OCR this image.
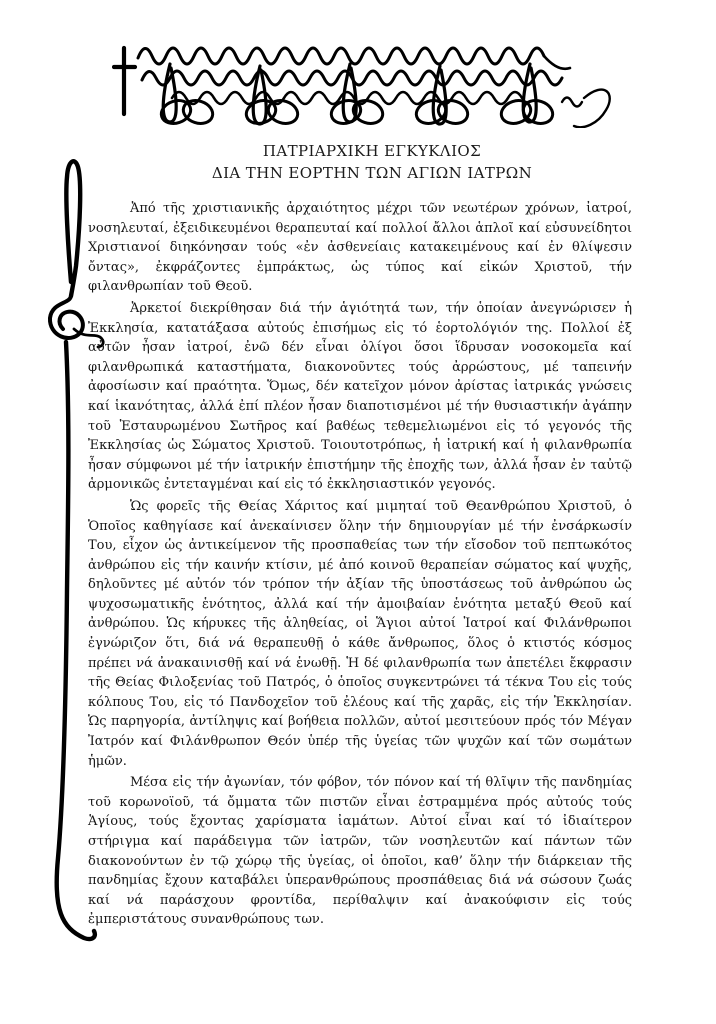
ΠΑΤΡΙΑΡΧΙΚΗ ΕΓΚΥΚΛΙΟΣ
ΔΙΑ ΤΗΝ ΕΟΡΤΗΝ ΤΩΝ ΑΓΙΩΝ ΙΑΤΡΩΝ

Ἀπό τῆς χριστιανικῆς ἀρχαιότητος μέχρι τῶν νεωτέρων χρόνων, ἰατροί, νοσηλευταί, ἐξειδικευμένοι θεραπευταί καί πολλοί ἄλλοι ἁπλοῖ καί εὐσυνείδητοι Χριστιανοί διηκόνησαν τούς «ἐν ἀσθενείαις κατακειμένους καί ἐν θλίψεσιν ὄντας», ἐκφράζοντες ἐμπράκτως, ὡς τύπος καί εἰκών Χριστοῦ, τήν φιλανθρωπίαν τοῦ Θεοῦ.

Ἀρκετοί διεκρίθησαν διά τήν ἁγιότητά των, τήν ὁποίαν ἀνεγνώρισεν ἡ Ἐκκλησία, κατατάξασα αὐτούς ἐπισήμως εἰς τό ἑορτολόγιόν της. Πολλοί ἐξ αὐτῶν ἦσαν ἰατροί, ἐνῶ δέν εἶναι ὀλίγοι ὅσοι ἵδρυσαν νοσοκομεῖα καί φιλανθρωπικά καταστήματα, διακονοῦντες τούς ἀρρώστους, μέ ταπεινήν ἀφοσίωσιν καί πραότητα. Ὅμως, δέν κατεῖχον μόνον ἀρίστας ἰατρικάς γνώσεις καί ἱκανότητας, ἀλλά ἐπί πλέον ἦσαν διαποτισμένοι μέ τήν θυσιαστικήν ἀγάπην τοῦ Ἐσταυρωμένου Σωτῆρος καί βαθέως τεθεμελιωμένοι εἰς τό γεγονός τῆς Ἐκκλησίας ὡς Σώματος Χριστοῦ. Τοιουτοτρόπως, ἡ ἰατρική καί ἡ φιλανθρωπία ἦσαν σύμφωνοι μέ τήν ἰατρικήν ἐπιστήμην τῆς ἐποχῆς των, ἀλλά ἦσαν ἐν ταὐτῷ ἁρμονικῶς ἐντεταγμέναι καί εἰς τό ἐκκλησιαστικόν γεγονός.

Ὡς φορεῖς τῆς Θείας Χάριτος καί μιμηταί τοῦ Θεανθρώπου Χριστοῦ, ὁ Ὁποῖος καθηγίασε καί ἀνεκαίνισεν ὅλην τήν δημιουργίαν μέ τήν ἐνσάρκωσίν Του, εἶχον ὡς ἀντικείμενον τῆς προσπαθείας των τήν εἴσοδον τοῦ πεπτωκότος ἀνθρώπου εἰς τήν καινήν κτίσιν, μέ ἀπό κοινοῦ θεραπείαν σώματος καί ψυχῆς, δηλοῦντες μέ αὐτόν τόν τρόπον τήν ἀξίαν τῆς ὑποστάσεως τοῦ ἀνθρώπου ὡς ψυχοσωματικῆς ἑνότητος, ἀλλά καί τήν ἀμοιβαίαν ἑνότητα μεταξύ Θεοῦ καί ἀνθρώπου. Ὡς κήρυκες τῆς ἀληθείας, οἱ Ἅγιοι αὐτοί Ἰατροί καί Φιλάνθρωποι ἐγνώριζον ὅτι, διά νά θεραπευθῇ ὁ κάθε ἄνθρωπος, ὅλος ὁ κτιστός κόσμος πρέπει νά ἀνακαινισθῇ καί νά ἑνωθῇ. Ἡ δέ φιλανθρωπία των ἀπετέλει ἔκφρασιν τῆς Θείας Φιλοξενίας τοῦ Πατρός, ὁ ὁποῖος συγκεντρώνει τά τέκνα Του εἰς τούς κόλπους Του, εἰς τό Πανδοχεῖον τοῦ ἐλέους καί τῆς χαρᾶς, εἰς τήν Ἐκκλησίαν. Ὡς παρηγορία, ἀντίληψις καί βοήθεια πολλῶν, αὐτοί μεσιτεύουν πρός τόν Μέγαν Ἰατρόν καί Φιλάνθρωπον Θεόν ὑπέρ τῆς ὑγείας τῶν ψυχῶν καί τῶν σωμάτων ἡμῶν.

Μέσα εἰς τήν ἀγωνίαν, τόν φόβον, τόν πόνον καί τή θλῖψιν τῆς πανδημίας τοῦ κορωνοϊοῦ, τά ὄμματα τῶν πιστῶν εἶναι ἐστραμμένα πρός αὐτούς τούς Ἁγίους, τούς ἔχοντας χαρίσματα ἰαμάτων. Αὐτοί εἶναι καί τό ἰδιαίτερον στήριγμα καί παράδειγμα τῶν ἰατρῶν, τῶν νοσηλευτῶν καί πάντων τῶν διακονούντων ἐν τῷ χώρῳ τῆς ὑγείας, οἱ ὁποῖοι, καθ’ ὅλην τήν διάρκειαν τῆς πανδημίας ἔχουν καταβάλει ὑπερανθρώπους προσπάθειας διά νά σώσουν ζωάς καί νά παράσχουν φροντίδα, περίθαλψιν καί ἀνακούφισιν εἰς τούς ἐμπεριστάτους συνανθρώπους των.
